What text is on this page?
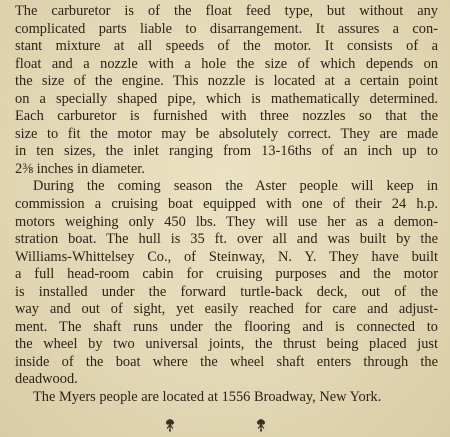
The carburetor is of the float feed type, but without any
complicated parts liable to disarrangement. It assures a con-
stant mixture at all speeds of the motor. It consists of a
float and a nozzle with a hole the size of which depends on
the size of the engine. This nozzle is located at a certain point
on a specially shaped pipe, which is mathematically determined.
Each carburetor is furnished with three nozzles so that the
size to fit the motor may be absolutely correct. They are made
in ten sizes, the inlet ranging from 13-16ths of an inch up to
2⅜ inches in diameter.
During the coming season the Aster people will keep in
commission a cruising boat equipped with one of their 24 h.p.
motors weighing only 450 lbs. They will use her as a demon-
stration boat. The hull is 35 ft. over all and was built by the
Williams-Whittelsey Co., of Steinway, N. Y. They have built
a full head-room cabin for cruising purposes and the motor
is installed under the forward turtle-back deck, out of the
way and out of sight, yet easily reached for care and adjust-
ment. The shaft runs under the flooring and is connected to
the wheel by two universal joints, the thrust being placed just
inside of the boat where the wheel shaft enters through the
deadwood.
The Myers people are located at 1556 Broadway, New York.
